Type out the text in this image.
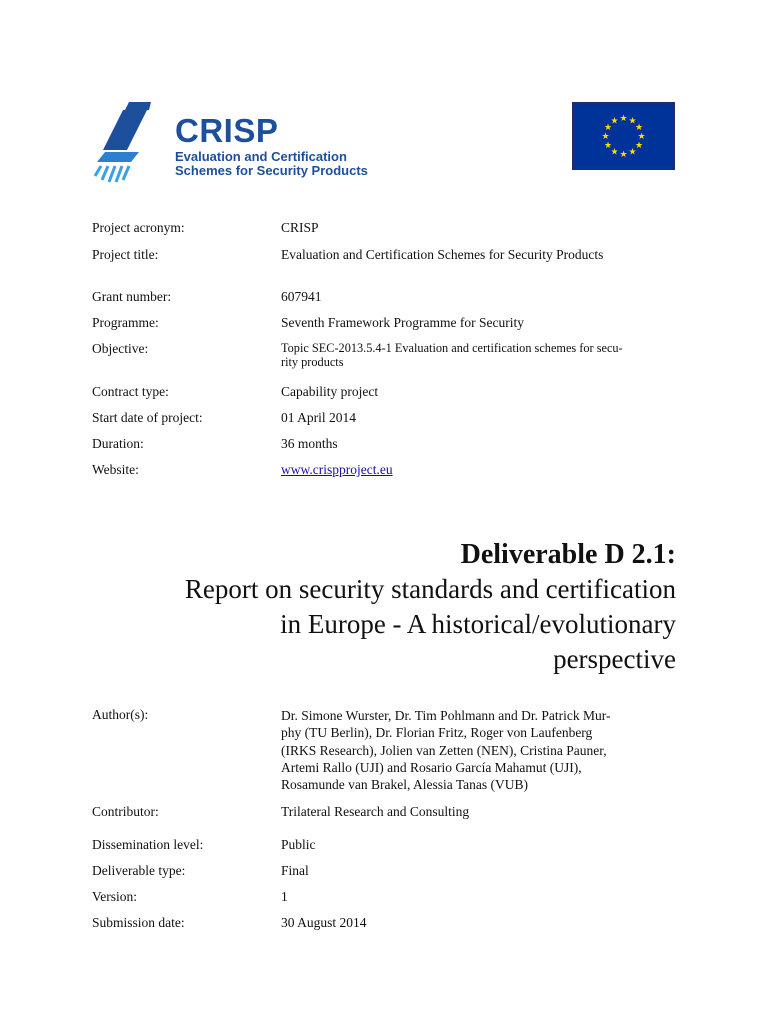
CRISP
Evaluation and Certification
Schemes for Security Products
★ ★
★
★
★
★
★
★
★
★
★
★
Project acronym:	CRISP
Project title:	Evaluation and Certification Schemes for Security Products
Grant number:	607941
Programme:	Seventh Framework Programme for Security
Objective:	Topic SEC-2013.5.4-1 Evaluation and certification schemes for secu-
rity products
Contract type:	Capability project
Start date of project:	01 April 2014
Duration:	36 months
Website:	www.crispproject.eu
Deliverable D 2.1:
Report on security standards and certification
in Europe - A historical/evolutionary
perspective
Author(s):	Dr. Simone Wurster, Dr. Tim Pohlmann and Dr. Patrick Mur-
phy (TU Berlin), Dr. Florian Fritz, Roger von Laufenberg
(IRKS Research), Jolien van Zetten (NEN), Cristina Pauner,
Artemi Rallo (UJI) and Rosario García Mahamut (UJI),
Rosamunde van Brakel, Alessia Tanas (VUB)
Contributor:	Trilateral Research and Consulting
Dissemination level:	Public
Deliverable type:	Final
Version:	1
Submission date:	30 August 2014
